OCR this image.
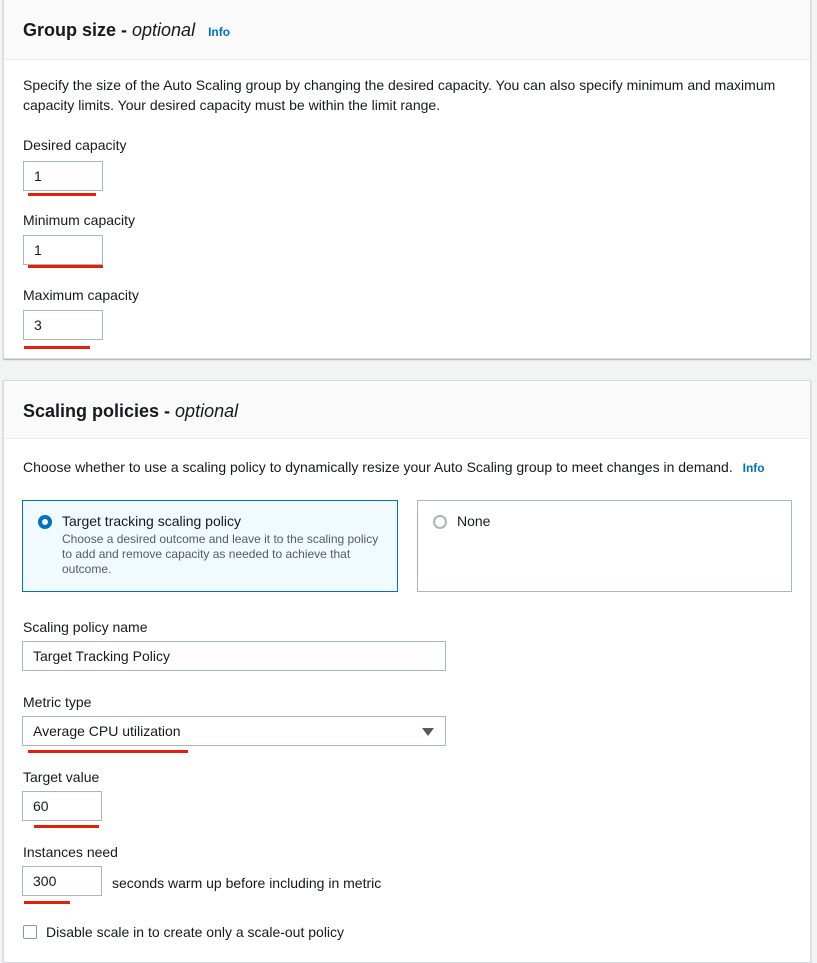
Group size - optional Info
Specify the size of the Auto Scaling group by changing the desired capacity. You can also specify minimum and maximum capacity limits. Your desired capacity must be within the limit range.
Desired capacity
1
Minimum capacity
1
Maximum capacity
3
Scaling policies - optional
Choose whether to use a scaling policy to dynamically resize your Auto Scaling group to meet changes in demand. Info
Target tracking scaling policy
Choose a desired outcome and leave it to the scaling policy to add and remove capacity as needed to achieve that outcome.
None
Scaling policy name
Target Tracking Policy
Metric type
Average CPU utilization
Target value
60
Instances need
300	seconds warm up before including in metric
Disable scale in to create only a scale-out policy
